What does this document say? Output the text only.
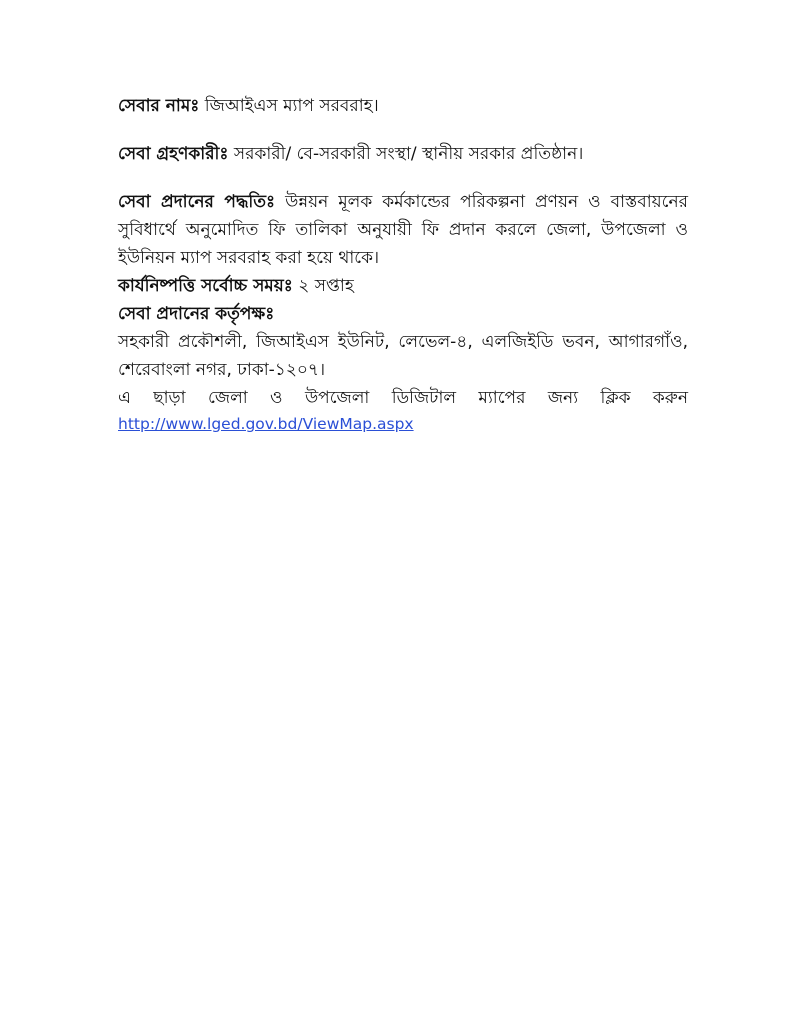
সেবার নামঃ জিআইএস ম্যাপ সরবরাহ।

সেবা গ্রহণকারীঃ সরকারী/ বে-সরকারী সংস্থা/ স্থানীয় সরকার প্রতিষ্ঠান।

সেবা প্রদানের পদ্ধতিঃ উন্নয়ন মূলক কর্মকান্ডের পরিকল্পনা প্রণয়ন ও বাস্তবায়নের সুবিধার্থে অনুমোদিত ফি তালিকা অনুযায়ী ফি প্রদান করলে জেলা, উপজেলা ও ইউনিয়ন ম্যাপ সরবরাহ করা হয়ে থাকে।

কার্যনিষ্পত্তি সর্বোচ্চ সময়ঃ ২ সপ্তাহ

সেবা প্রদানের কর্তৃপক্ষঃ

সহকারী প্রকৌশলী, জিআইএস ইউনিট, লেভেল-৪, এলজিইডি ভবন, আগারগাঁও, শেরেবাংলা নগর, ঢাকা-১২০৭।

এ ছাড়া জেলা ও উপজেলা ডিজিটাল ম্যাপের জন্য ক্লিক করুন

http://www.lged.gov.bd/ViewMap.aspx
